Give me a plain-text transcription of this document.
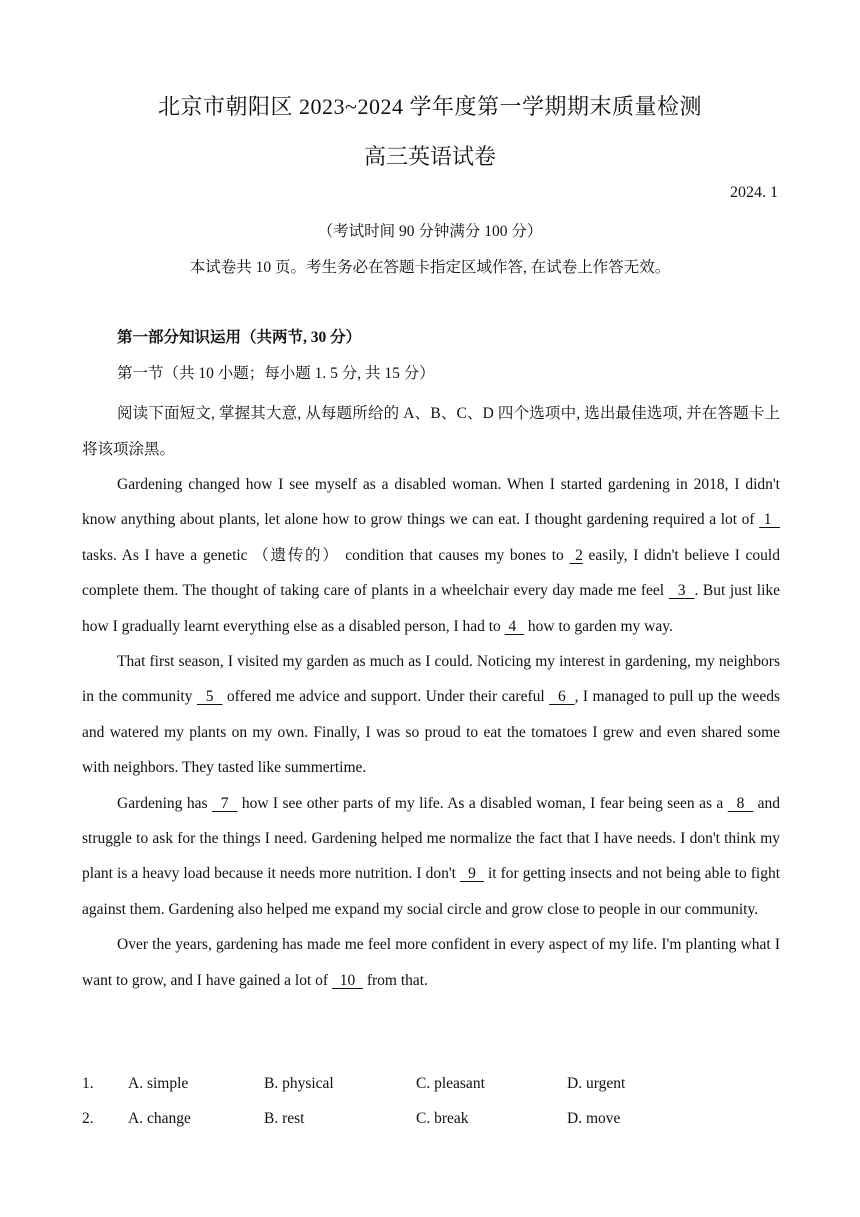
北京市朝阳区 2023~2024 学年度第一学期期末质量检测
高三英语试卷
2024. 1
（考试时间 90 分钟满分 100 分）
本试卷共 10 页。考生务必在答题卡指定区域作答, 在试卷上作答无效。
第一部分知识运用（共两节, 30 分）
第一节（共 10 小题；每小题 1. 5 分, 共 15 分）
阅读下面短文, 掌握其大意, 从每题所给的 A、B、C、D 四个选项中, 选出最佳选项, 并在答题卡上将该项涂黑。

Gardening changed how I see myself as a disabled woman. When I started gardening in 2018, I didn't know anything about plants, let alone how to grow things we can eat. I thought gardening required a lot of  1   tasks. As I have a genetic （遗传的） condition that causes my bones to  2 easily, I didn't believe I could complete them. The thought of taking care of plants in a wheelchair every day made me feel   3  . But just like how I gradually learnt everything else as a disabled person, I had to  4   how to garden my way.

That first season, I visited my garden as much as I could. Noticing my interest in gardening, my neighbors in the community   5   offered me advice and support. Under their careful   6  , I managed to pull up the weeds and watered my plants on my own. Finally, I was so proud to eat the tomatoes I grew and even shared some with neighbors. They tasted like summertime.

Gardening has   7   how I see other parts of my life. As a disabled woman, I fear being seen as a   8   and struggle to ask for the things I need. Gardening helped me normalize the fact that I have needs. I don't think my plant is a heavy load because it needs more nutrition. I don't   9   it for getting insects and not being able to fight against them. Gardening also helped me expand my social circle and grow close to people in our community.

Over the years, gardening has made me feel more confident in every aspect of my life. I'm planting what I want to grow, and I have gained a lot of   10   from that.

1. A. simple	B. physical	C. pleasant	D. urgent
2. A. change	B. rest	C. break	D. move
